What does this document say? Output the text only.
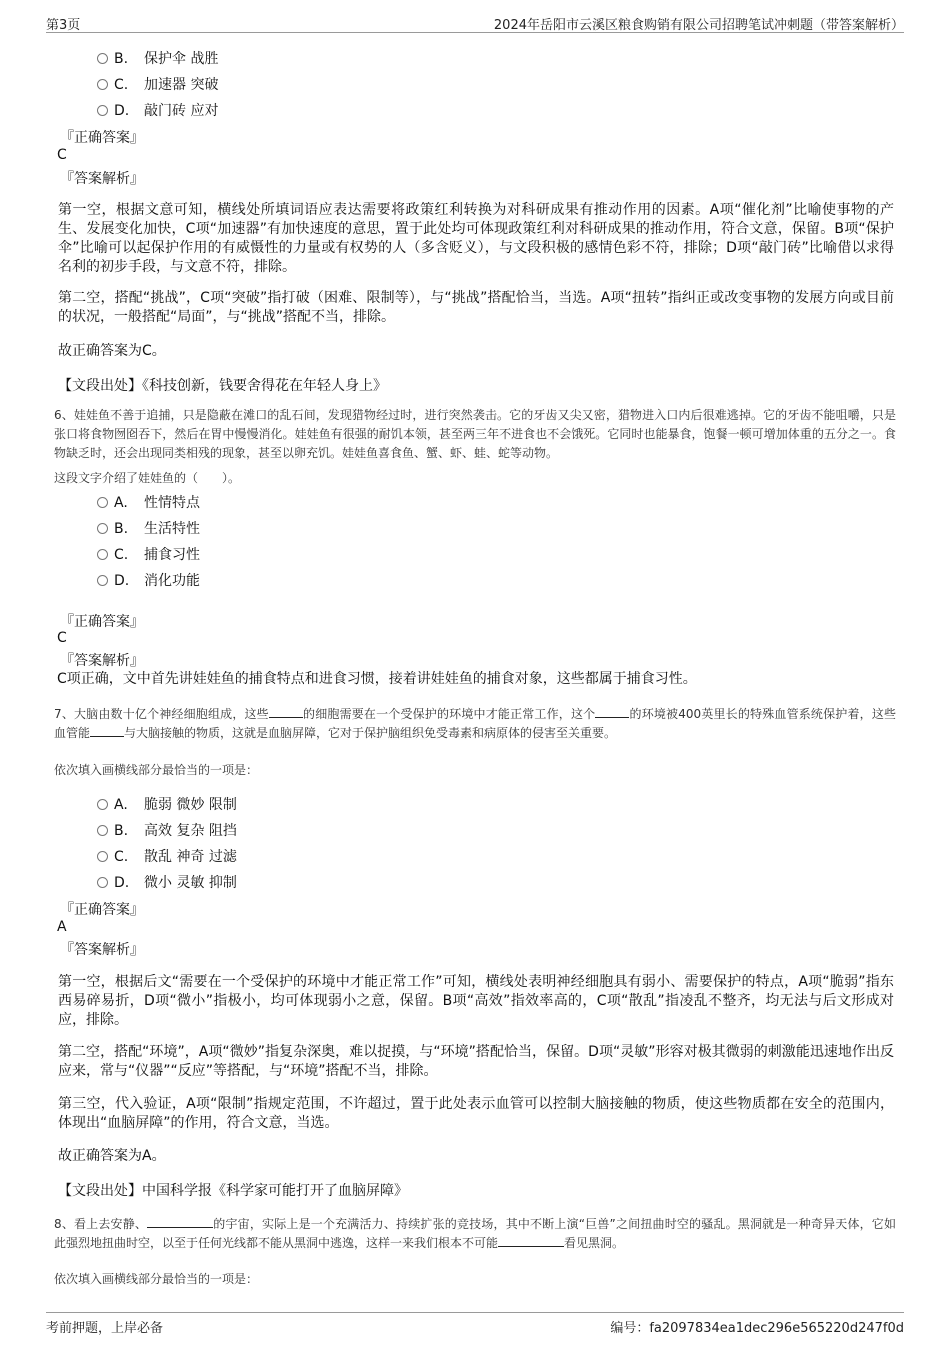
第3页	2024年岳阳市云溪区粮食购销有限公司招聘笔试冲刺题（带答案解析）
B. 保护伞 战胜
C. 加速器 突破
D. 敲门砖 应对
『正确答案』
C
『答案解析』
第一空，根据文意可知，横线处所填词语应表达需要将政策红利转换为对科研成果有推动作用的因素。A项“催化剂”比喻使事物的产生、发展变化加快，C项“加速器”有加快速度的意思，置于此处均可体现政策红利对科研成果的推动作用，符合文意，保留。B项“保护伞”比喻可以起保护作用的有威慑性的力量或有权势的人（多含贬义），与文段积极的感情色彩不符，排除；D项“敲门砖”比喻借以求得名利的初步手段，与文意不符，排除。
第二空，搭配“挑战”，C项“突破”指打破（困难、限制等），与“挑战”搭配恰当，当选。A项“扭转”指纠正或改变事物的发展方向或目前的状况，一般搭配“局面”，与“挑战”搭配不当，排除。
故正确答案为C。
【文段出处】《科技创新，钱要舍得花在年轻人身上》
6、娃娃鱼不善于追捕，只是隐蔽在滩口的乱石间，发现猎物经过时，进行突然袭击。它的牙齿又尖又密，猎物进入口内后很难逃掉。它的牙齿不能咀嚼，只是张口将食物囫囵吞下，然后在胃中慢慢消化。娃娃鱼有很强的耐饥本领，甚至两三年不进食也不会饿死。它同时也能暴食，饱餐一顿可增加体重的五分之一。食物缺乏时，还会出现同类相残的现象，甚至以卵充饥。娃娃鱼喜食鱼、蟹、虾、蛙、蛇等动物。
这段文字介绍了娃娃鱼的（　　）。
A. 性情特点
B. 生活特性
C. 捕食习性
D. 消化功能
『正确答案』
C
『答案解析』
C项正确，文中首先讲娃娃鱼的捕食特点和进食习惯，接着讲娃娃鱼的捕食对象，这些都属于捕食习性。
7、大脑由数十亿个神经细胞组成，这些	的细胞需要在一个受保护的环境中才能正常工作，这个	的环境被400英里长的特殊血管系统保护着，这些血管能	与大脑接触的物质，这就是血脑屏障，它对于保护脑组织免受毒素和病原体的侵害至关重要。
依次填入画横线部分最恰当的一项是：
A. 脆弱 微妙 限制
B. 高效 复杂 阻挡
C. 散乱 神奇 过滤
D. 微小 灵敏 抑制
『正确答案』
A
『答案解析』
第一空，根据后文“需要在一个受保护的环境中才能正常工作”可知，横线处表明神经细胞具有弱小、需要保护的特点，A项“脆弱”指东西易碎易折，D项“微小”指极小，均可体现弱小之意，保留。B项“高效”指效率高的，C项“散乱”指凌乱不整齐，均无法与后文形成对应，排除。
第二空，搭配“环境”，A项“微妙”指复杂深奥，难以捉摸，与“环境”搭配恰当，保留。D项“灵敏”形容对极其微弱的刺激能迅速地作出反应来，常与“仪器”“反应”等搭配，与“环境”搭配不当，排除。
第三空，代入验证，A项“限制”指规定范围，不许超过，置于此处表示血管可以控制大脑接触的物质，使这些物质都在安全的范围内，体现出“血脑屏障”的作用，符合文意，当选。
故正确答案为A。
【文段出处】中国科学报《科学家可能打开了血脑屏障》
8、看上去安静、	的宇宙，实际上是一个充满活力、持续扩张的竞技场，其中不断上演“巨兽”之间扭曲时空的骚乱。黑洞就是一种奇异天体，它如此强烈地扭曲时空，以至于任何光线都不能从黑洞中逃逸，这样一来我们根本不可能	看见黑洞。
依次填入画横线部分最恰当的一项是：
考前押题，上岸必备	编号：fa2097834ea1dec296e565220d247f0d
